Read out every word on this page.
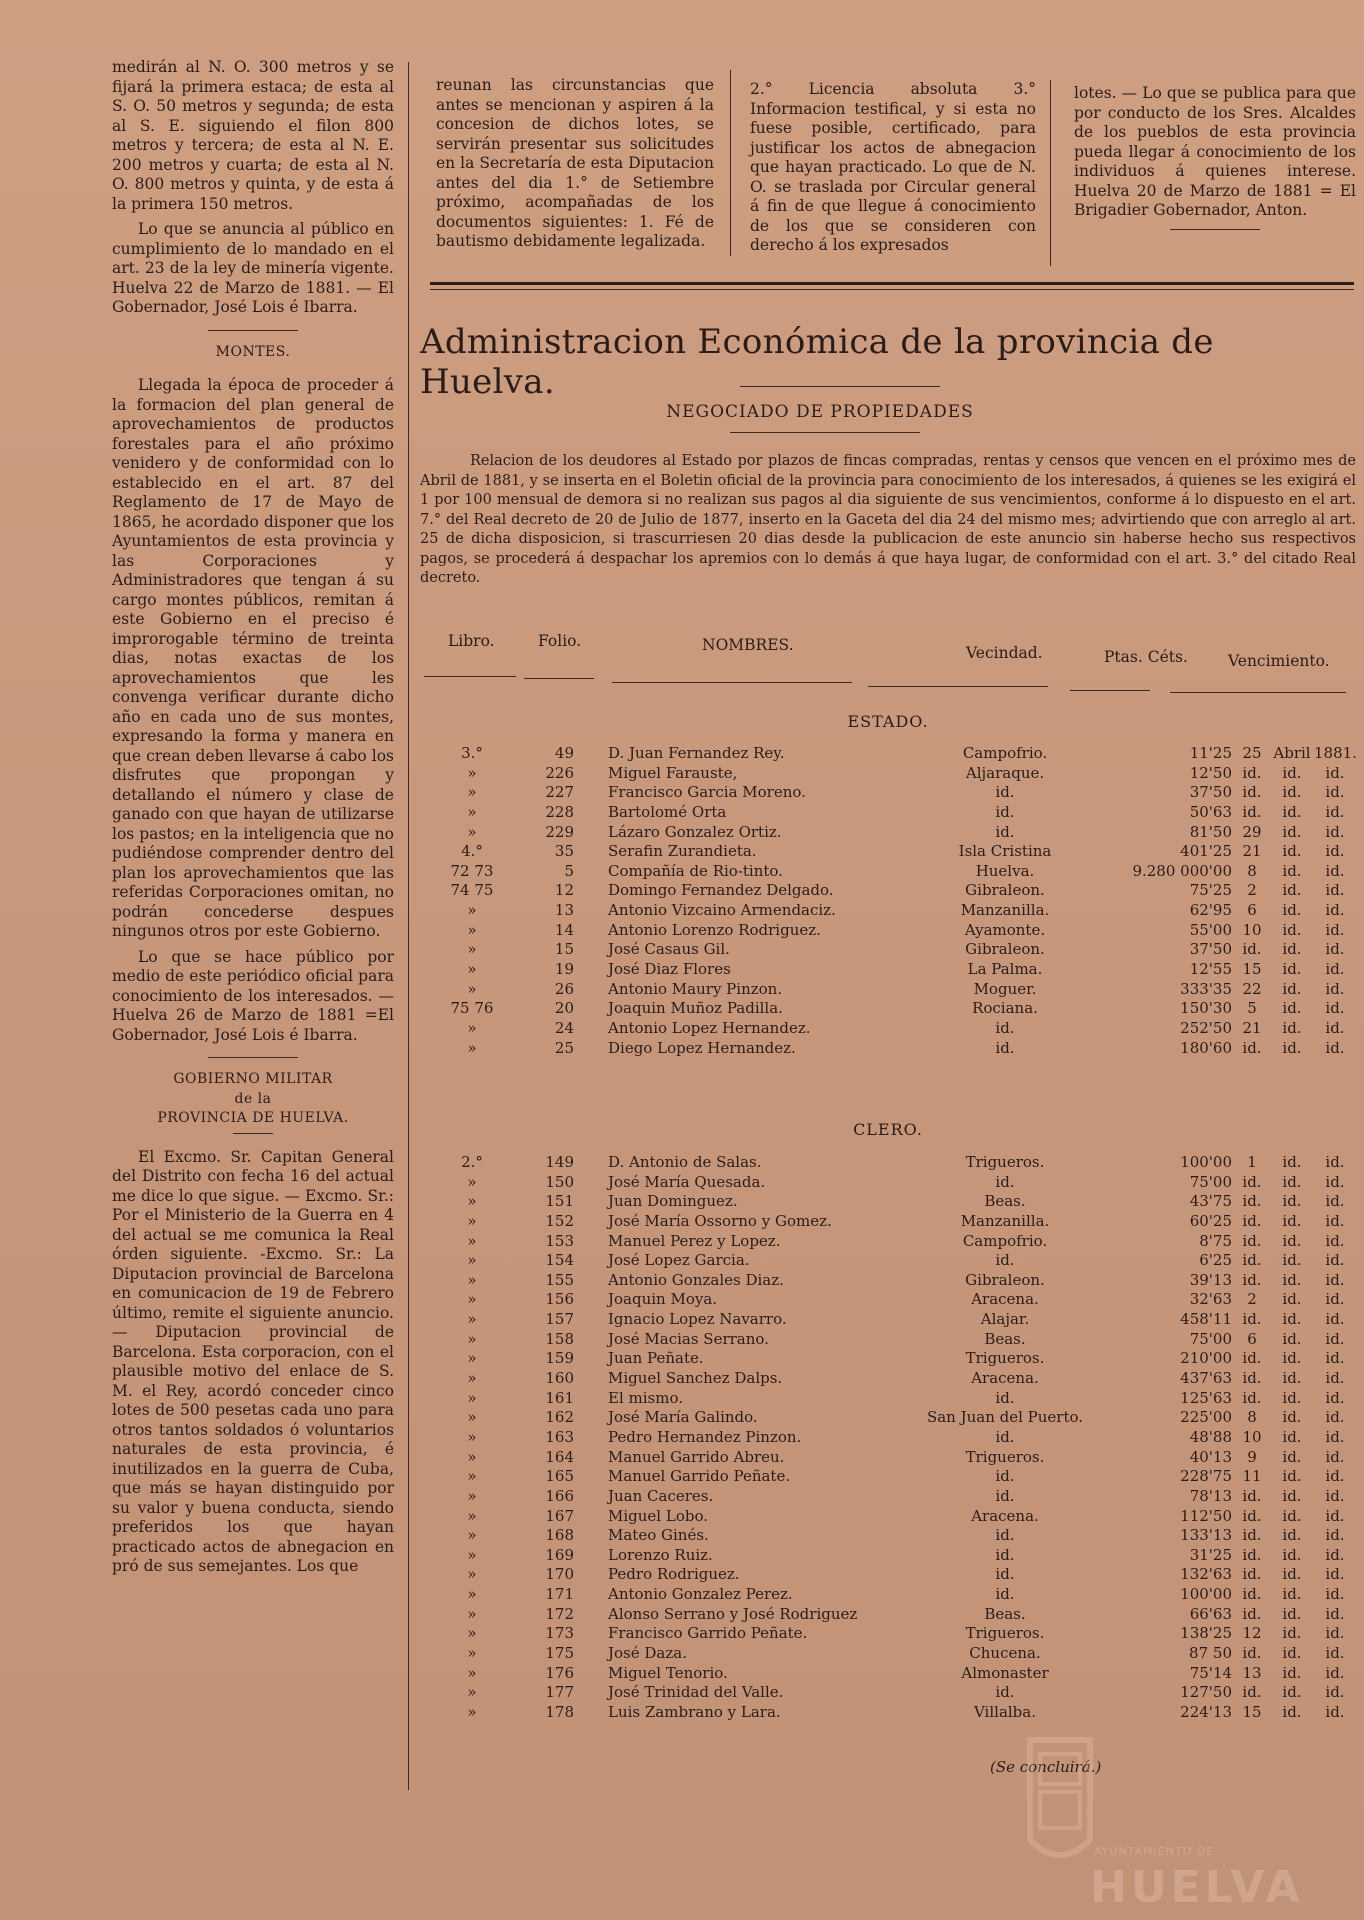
medirán al N. O. 300 metros y se fijará la primera estaca; de esta al S. O. 50 metros y segunda; de esta al S. E. siguiendo el filon 800 metros y tercera; de esta al N. E. 200 metros y cuarta; de esta al N. O. 800 metros y quinta, y de esta á la primera 150 metros.

Lo que se anuncia al público en cumplimiento de lo mandado en el art. 23 de la ley de minería vigente. Huelva 22 de Marzo de 1881. — El Gobernador, José Lois é Ibarra.

MONTES.

Llegada la época de proceder á la formacion del plan general de aprovechamientos de productos forestales para el año próximo venidero y de conformidad con lo establecido en el art. 87 del Reglamento de 17 de Mayo de 1865, he acordado disponer que los Ayuntamientos de esta provincia y las Corporaciones y Administradores que tengan á su cargo montes públicos, remitan á este Gobierno en el preciso é improrogable término de treinta dias, notas exactas de los aprovechamientos que les convenga verificar durante dicho año en cada uno de sus montes, expresando la forma y manera en que crean deben llevarse á cabo los disfrutes que propongan y detallando el número y clase de ganado con que hayan de utilizarse los pastos; en la inteligencia que no pudiéndose comprender dentro del plan los aprovechamientos que las referidas Corporaciones omitan, no podrán concederse despues ningunos otros por este Gobierno.

Lo que se hace público por medio de este periódico oficial para conocimiento de los interesados. —Huelva 26 de Marzo de 1881 =El Gobernador, José Lois é Ibarra.

GOBIERNO MILITAR
de la
PROVINCIA DE HUELVA.

El Excmo. Sr. Capitan General del Distrito con fecha 16 del actual me dice lo que sigue. — Excmo. Sr.: Por el Ministerio de la Guerra en 4 del actual se me comunica la Real órden siguiente. -Excmo. Sr.: La Diputacion provincial de Barcelona en comunicacion de 19 de Febrero último, remite el siguiente anuncio. — Diputacion provincial de Barcelona. Esta corporacion, con el plausible motivo del enlace de S. M. el Rey, acordó conceder cinco lotes de 500 pesetas cada uno para otros tantos soldados ó voluntarios naturales de esta provincia, é inutilizados en la guerra de Cuba, que más se hayan distinguido por su valor y buena conducta, siendo preferidos los que hayan practicado actos de abnegacion en pró de sus semejantes. Los que

reunan las circunstancias que antes se mencionan y aspiren á la concesion de dichos lotes, se servirán presentar sus solicitudes en la Secretaría de esta Diputacion antes del dia 1.° de Setiembre próximo, acompañadas de los documentos siguientes: 1. Fé de bautismo debidamente legalizada.

2.° Licencia absoluta 3.° Informacion testifical, y si esta no fuese posible, certificado, para justificar los actos de abnegacion que hayan practicado. Lo que de N. O. se traslada por Circular general á fin de que llegue á conocimiento de los que se consideren con derecho á los expresados

lotes. — Lo que se publica para que por conducto de los Sres. Alcaldes de los pueblos de esta provincia pueda llegar á conocimiento de los individuos á quienes interese. Huelva 20 de Marzo de 1881 = El Brigadier Gobernador, Anton.

Administracion Económica de la provincia de Huelva.
NEGOCIADO DE PROPIEDADES

Relacion de los deudores al Estado por plazos de fincas compradas, rentas y censos que vencen en el próximo mes de Abril de 1881, y se inserta en el Boletin oficial de la provincia para conocimiento de los interesados, á quienes se les exigirá el 1 por 100 mensual de demora si no realizan sus pagos al dia siguiente de sus vencimientos, conforme á lo dispuesto en el art. 7.° del Real decreto de 20 de Julio de 1877, inserto en la Gaceta del dia 24 del mismo mes; advirtiendo que con arreglo al art. 25 de dicha disposicion, si trascurriesen 20 dias desde la publicacion de este anuncio sin haberse hecho sus respectivos pagos, se procederá á despachar los apremios con lo demás á que haya lugar, de conformidad con el art. 3.° del citado Real decreto.

Libro.	Folio.	NOMBRES.	Vecindad.	Ptas. Céts.	Vencimiento.
ESTADO.
3.°	49 D. Juan Fernandez Rey.	Campofrio.	11'25 25 Abril 1881.
»	226 Miguel Farauste,	Aljaraque.	12'50 id.	id.	id.
»	227 Francisco Garcia Moreno.	id.	37'50 id.	id.	id.
»	228 Bartolomé Orta	id.	50'63 id.	id.	id.
»	229 Lázaro Gonzalez Ortiz.	id.	81'50 29	id.	id.
4.°	35 Serafin Zurandieta.	Isla Cristina	401'25 21	id.	id.
72 73	5 Compañía de Rio-tinto.	Huelva.	9.280 000'00	8	id.	id.
74 75	12 Domingo Fernandez Delgado.	Gibraleon.	75'25	2	id.	id.
»	13 Antonio Vizcaino Armendaciz.	Manzanilla.	62'95	6	id.	id.
»	14 Antonio Lorenzo Rodriguez.	Ayamonte.	55'00 10	id.	id.
»	15 José Casaus Gil.	Gibraleon.	37'50 id.	id.	id.
»	19 José Diaz Flores	La Palma.	12'55 15	id.	id.
»	26 Antonio Maury Pinzon.	Moguer.	333'35 22	id.	id.
75 76	20 Joaquin Muñoz Padilla.	Rociana.	150'30	5	id.	id.
»	24 Antonio Lopez Hernandez.	id.	252'50 21	id.	id.
»	25 Diego Lopez Hernandez.	id.	180'60 id.	id.	id.
CLERO.
2.°	149 D. Antonio de Salas.	Trigueros.	100'00	1	id.	id.
»	150 José María Quesada.	id.	75'00 id.	id.	id.
»	151 Juan Dominguez.	Beas.	43'75 id.	id.	id.
»	152 José María Ossorno y Gomez.	Manzanilla.	60'25 id.	id.	id.
»	153 Manuel Perez y Lopez.	Campofrio.	8'75 id.	id.	id.
»	154 José Lopez Garcia.	id.	6'25 id.	id.	id.
»	155 Antonio Gonzales Diaz.	Gibraleon.	39'13 id.	id.	id.
»	156 Joaquin Moya.	Aracena.	32'63	2	id.	id.
»	157 Ignacio Lopez Navarro.	Alajar.	458'11 id.	id.	id.
»	158 José Macias Serrano.	Beas.	75'00	6	id.	id.
»	159 Juan Peñate.	Trigueros.	210'00 id.	id.	id.
»	160 Miguel Sanchez Dalps.	Aracena.	437'63 id.	id.	id.
»	161 El mismo.	id.	125'63 id.	id.	id.
»	162 José María Galindo.	San Juan del Puerto.	225'00	8	id.	id.
»	163 Pedro Hernandez Pinzon.	id.	48'88 10	id.	id.
»	164 Manuel Garrido Abreu.	Trigueros.	40'13	9	id.	id.
»	165 Manuel Garrido Peñate.	id.	228'75 11	id.	id.
»	166 Juan Caceres.	id.	78'13 id.	id.	id.
»	167 Miguel Lobo.	Aracena.	112'50 id.	id.	id.
»	168 Mateo Ginés.	id.	133'13 id.	id.	id.
»	169 Lorenzo Ruiz.	id.	31'25 id.	id.	id.
»	170 Pedro Rodriguez.	id.	132'63 id.	id.	id.
»	171 Antonio Gonzalez Perez.	id.	100'00 id.	id.	id.
»	172 Alonso Serrano y José Rodriguez	Beas.	66'63 id.	id.	id.
»	173 Francisco Garrido Peñate.	Trigueros.	138'25 12	id.	id.
»	175 José Daza.	Chucena.	87 50 id.	id.	id.
»	176 Miguel Tenorio.	Almonaster	75'14 13	id.	id.
»	177 José Trinidad del Valle.	id.	127'50 id.	id.	id.
»	178 Luis Zambrano y Lara.	Villalba.	224'13 15	id.	id.
(Se concluirá.)
AYUNTAMIENTO DE
HUELVA
